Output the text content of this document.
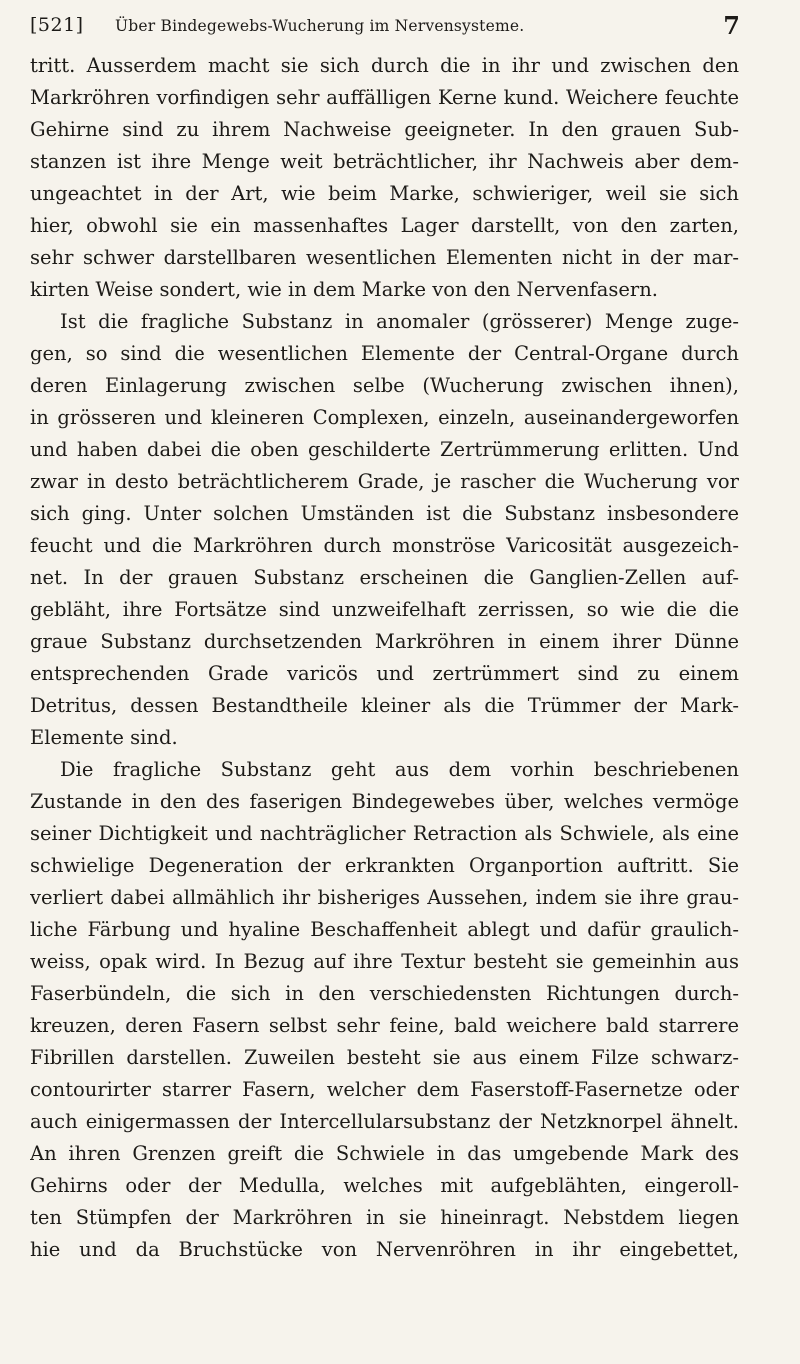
[521] Über Bindegewebs-Wucherung im Nervensysteme.	7
tritt. Ausserdem macht sie sich durch die in ihr und zwischen den
Markröhren vorfindigen sehr auffälligen Kerne kund. Weichere feuchte
Gehirne sind zu ihrem Nachweise geeigneter. In den grauen Sub-
stanzen ist ihre Menge weit beträchtlicher, ihr Nachweis aber dem-
ungeachtet in der Art, wie beim Marke, schwieriger, weil sie sich
hier, obwohl sie ein massenhaftes Lager darstellt, von den zarten,
sehr schwer darstellbaren wesentlichen Elementen nicht in der mar-
kirten Weise sondert, wie in dem Marke von den Nervenfasern.
Ist die fragliche Substanz in anomaler (grösserer) Menge zuge-
gen, so sind die wesentlichen Elemente der Central-Organe durch
deren Einlagerung zwischen selbe (Wucherung zwischen ihnen),
in grösseren und kleineren Complexen, einzeln, auseinandergeworfen
und haben dabei die oben geschilderte Zertrümmerung erlitten. Und
zwar in desto beträchtlicherem Grade, je rascher die Wucherung vor
sich ging. Unter solchen Umständen ist die Substanz insbesondere
feucht und die Markröhren durch monströse Varicosität ausgezeich-
net. In der grauen Substanz erscheinen die Ganglien-Zellen auf-
gebläht, ihre Fortsätze sind unzweifelhaft zerrissen, so wie die die
graue Substanz durchsetzenden Markröhren in einem ihrer Dünne
entsprechenden Grade varicös und zertrümmert sind zu einem
Detritus, dessen Bestandtheile kleiner als die Trümmer der Mark-
Elemente sind.
Die fragliche Substanz geht aus dem vorhin beschriebenen
Zustande in den des faserigen Bindegewebes über, welches vermöge
seiner Dichtigkeit und nachträglicher Retraction als Schwiele, als eine
schwielige Degeneration der erkrankten Organportion auftritt. Sie
verliert dabei allmählich ihr bisheriges Aussehen, indem sie ihre grau-
liche Färbung und hyaline Beschaffenheit ablegt und dafür graulich-
weiss, opak wird. In Bezug auf ihre Textur besteht sie gemeinhin aus
Faserbündeln, die sich in den verschiedensten Richtungen durch-
kreuzen, deren Fasern selbst sehr feine, bald weichere bald starrere
Fibrillen darstellen. Zuweilen besteht sie aus einem Filze schwarz-
contourirter starrer Fasern, welcher dem Faserstoff-Fasernetze oder
auch einigermassen der Intercellularsubstanz der Netzknorpel ähnelt.
An ihren Grenzen greift die Schwiele in das umgebende Mark des
Gehirns oder der Medulla, welches mit aufgeblähten, eingeroll-
ten Stümpfen der Markröhren in sie hineinragt. Nebstdem liegen
hie und da Bruchstücke von Nervenröhren in ihr eingebettet,
